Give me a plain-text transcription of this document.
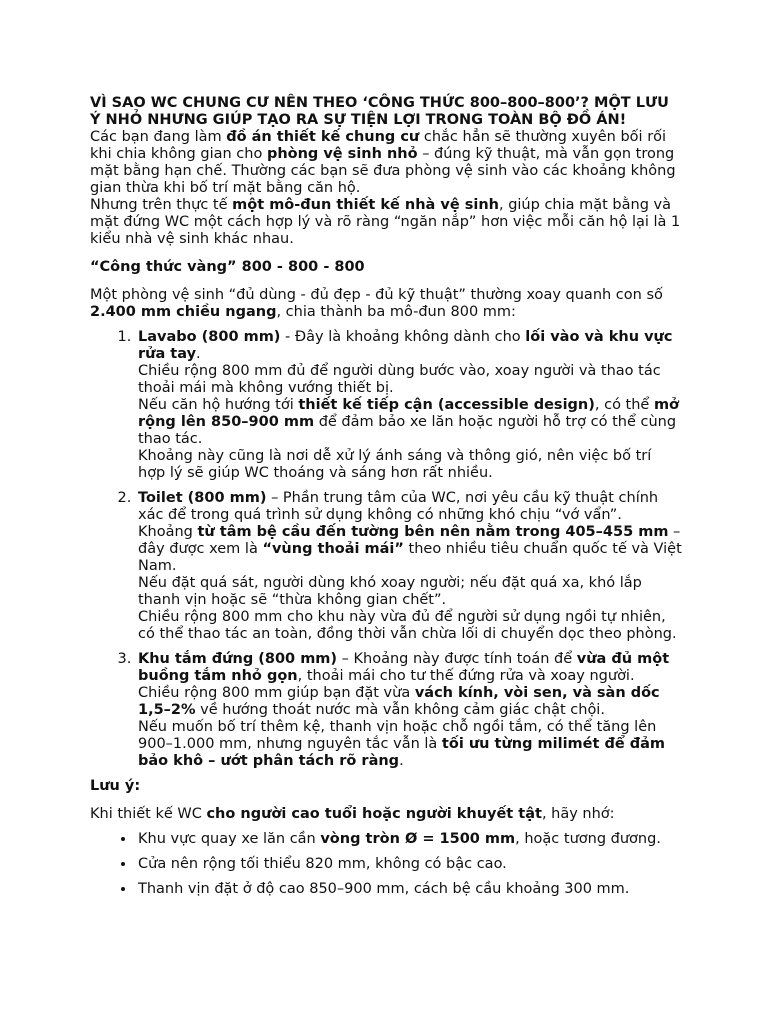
VÌ SAO WC CHUNG CƯ NÊN THEO ‘CÔNG THỨC 800–800–800’? MỘT LƯU Ý NHỎ NHƯNG GIÚP TẠO RA SỰ TIỆN LỢI TRONG TOÀN BỘ ĐỒ ÁN!

Các bạn đang làm đồ án thiết kế chung cư chắc hẳn sẽ thường xuyên bối rối khi chia không gian cho phòng vệ sinh nhỏ – đúng kỹ thuật, mà vẫn gọn trong mặt bằng hạn chế. Thường các bạn sẽ đưa phòng vệ sinh vào các khoảng không gian thừa khi bố trí mặt bằng căn hộ.

Nhưng trên thực tế một mô-đun thiết kế nhà vệ sinh, giúp chia mặt bằng và mặt đứng WC một cách hợp lý và rõ ràng “ngăn nắp” hơn việc mỗi căn hộ lại là 1 kiểu nhà vệ sinh khác nhau.

“Công thức vàng” 800 - 800 - 800

Một phòng vệ sinh “đủ dùng - đủ đẹp - đủ kỹ thuật” thường xoay quanh con số 2.400 mm chiều ngang, chia thành ba mô-đun 800 mm:

1. Lavabo (800 mm) - Đây là khoảng không dành cho lối vào và khu vực rửa tay.
Chiều rộng 800 mm đủ để người dùng bước vào, xoay người và thao tác thoải mái mà không vướng thiết bị.
Nếu căn hộ hướng tới thiết kế tiếp cận (accessible design), có thể mở rộng lên 850–900 mm để đảm bảo xe lăn hoặc người hỗ trợ có thể cùng thao tác.
Khoảng này cũng là nơi dễ xử lý ánh sáng và thông gió, nên việc bố trí hợp lý sẽ giúp WC thoáng và sáng hơn rất nhiều.
2. Toilet (800 mm) – Phần trung tâm của WC, nơi yêu cầu kỹ thuật chính xác để trong quá trình sử dụng không có những khó chịu “vớ vẩn”.
Khoảng từ tâm bệ cầu đến tường bên nên nằm trong 405–455 mm – đây được xem là “vùng thoải mái” theo nhiều tiêu chuẩn quốc tế và Việt Nam.
Nếu đặt quá sát, người dùng khó xoay người; nếu đặt quá xa, khó lắp thanh vịn hoặc sẽ “thừa không gian chết”.
Chiều rộng 800 mm cho khu này vừa đủ để người sử dụng ngồi tự nhiên, có thể thao tác an toàn, đồng thời vẫn chừa lối di chuyển dọc theo phòng.
3. Khu tắm đứng (800 mm) – Khoảng này được tính toán để vừa đủ một buồng tắm nhỏ gọn, thoải mái cho tư thế đứng rửa và xoay người.
Chiều rộng 800 mm giúp bạn đặt vừa vách kính, vòi sen, và sàn dốc 1,5–2% về hướng thoát nước mà vẫn không cảm giác chật chội.
Nếu muốn bố trí thêm kệ, thanh vịn hoặc chỗ ngồi tắm, có thể tăng lên 900–1.000 mm, nhưng nguyên tắc vẫn là tối ưu từng milimét để đảm bảo khô – ướt phân tách rõ ràng.

Lưu ý:

Khi thiết kế WC cho người cao tuổi hoặc người khuyết tật, hãy nhớ:

• Khu vực quay xe lăn cần vòng tròn Ø = 1500 mm, hoặc tương đương.
• Cửa nên rộng tối thiểu 820 mm, không có bậc cao.
• Thanh vịn đặt ở độ cao 850–900 mm, cách bệ cầu khoảng 300 mm.
